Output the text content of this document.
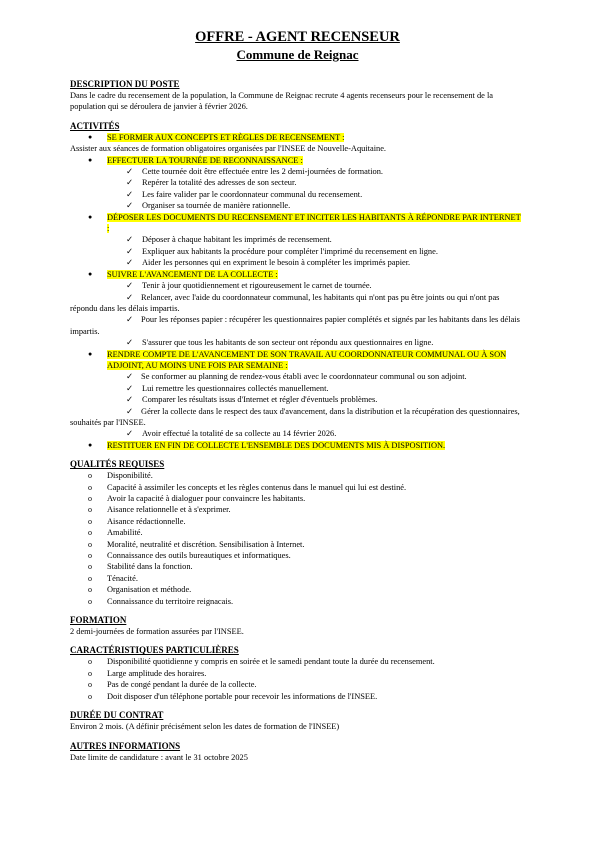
OFFRE - AGENT RECENSEUR

Commune de Reignac

DESCRIPTION DU POSTE

Dans le cadre du recensement de la population, la Commune de Reignac recrute 4 agents recenseurs pour le recensement de la population qui se déroulera de janvier à février 2026.

ACTIVITÉS

● SE FORMER AUX CONCEPTS ET RÈGLES DE RECENSEMENT :

Assister aux séances de formation obligatoires organisées par l'INSEE de Nouvelle-Aquitaine.

● EFFECTUER LA TOURNÉE DE RECONNAISSANCE :

✓ Cette tournée doit être effectuée entre les 2 demi-journées de formation.

✓ Repérer la totalité des adresses de son secteur.

✓ Les faire valider par le coordonnateur communal du recensement.

✓ Organiser sa tournée de manière rationnelle.

● DÉPOSER LES DOCUMENTS DU RECENSEMENT ET INCITER LES HABITANTS À RÉPONDRE PAR INTERNET :

✓ Déposer à chaque habitant les imprimés de recensement.

✓ Expliquer aux habitants la procédure pour compléter l'imprimé du recensement en ligne.

✓ Aider les personnes qui en expriment le besoin à compléter les imprimés papier.

● SUIVRE L'AVANCEMENT DE LA COLLECTE :

✓ Tenir à jour quotidiennement et rigoureusement le carnet de tournée.

✓ Relancer, avec l'aide du coordonnateur communal, les habitants qui n'ont pas pu être joints ou qui n'ont pas répondu dans les délais impartis.

✓ Pour les réponses papier : récupérer les questionnaires papier complétés et signés par les habitants dans les délais impartis.

✓ S'assurer que tous les habitants de son secteur ont répondu aux questionnaires en ligne.

● RENDRE COMPTE DE L'AVANCEMENT DE SON TRAVAIL AU COORDONNATEUR COMMUNAL OU À SON ADJOINT, AU MOINS UNE FOIS PAR SEMAINE :

✓ Se conformer au planning de rendez-vous établi avec le coordonnateur communal ou son adjoint.

✓ Lui remettre les questionnaires collectés manuellement.

✓ Comparer les résultats issus d'Internet et régler d'éventuels problèmes.

✓ Gérer la collecte dans le respect des taux d'avancement, dans la distribution et la récupération des questionnaires, souhaités par l'INSEE.

✓ Avoir effectué la totalité de sa collecte au 14 février 2026.

● RESTITUER EN FIN DE COLLECTE L'ENSEMBLE DES DOCUMENTS MIS À DISPOSITION.

QUALITÉS REQUISES

o Disponibilité.

o Capacité à assimiler les concepts et les règles contenus dans le manuel qui lui est destiné.

o Avoir la capacité à dialoguer pour convaincre les habitants.

o Aisance relationnelle et à s'exprimer.

o Aisance rédactionnelle.

o Amabilité.

o Moralité, neutralité et discrétion. Sensibilisation à Internet.

o Connaissance des outils bureautiques et informatiques.

o Stabilité dans la fonction.

o Ténacité.

o Organisation et méthode.

o Connaissance du territoire reignacais.

FORMATION

2 demi-journées de formation assurées par l'INSEE.

CARACTÉRISTIQUES PARTICULIÈRES

o Disponibilité quotidienne y compris en soirée et le samedi pendant toute la durée du recensement.

o Large amplitude des horaires.

o Pas de congé pendant la durée de la collecte.

o Doit disposer d'un téléphone portable pour recevoir les informations de l'INSEE.

DURÉE DU CONTRAT

Environ 2 mois. (A définir précisément selon les dates de formation de l'INSEE)

AUTRES INFORMATIONS

Date limite de candidature : avant le 31 octobre 2025
